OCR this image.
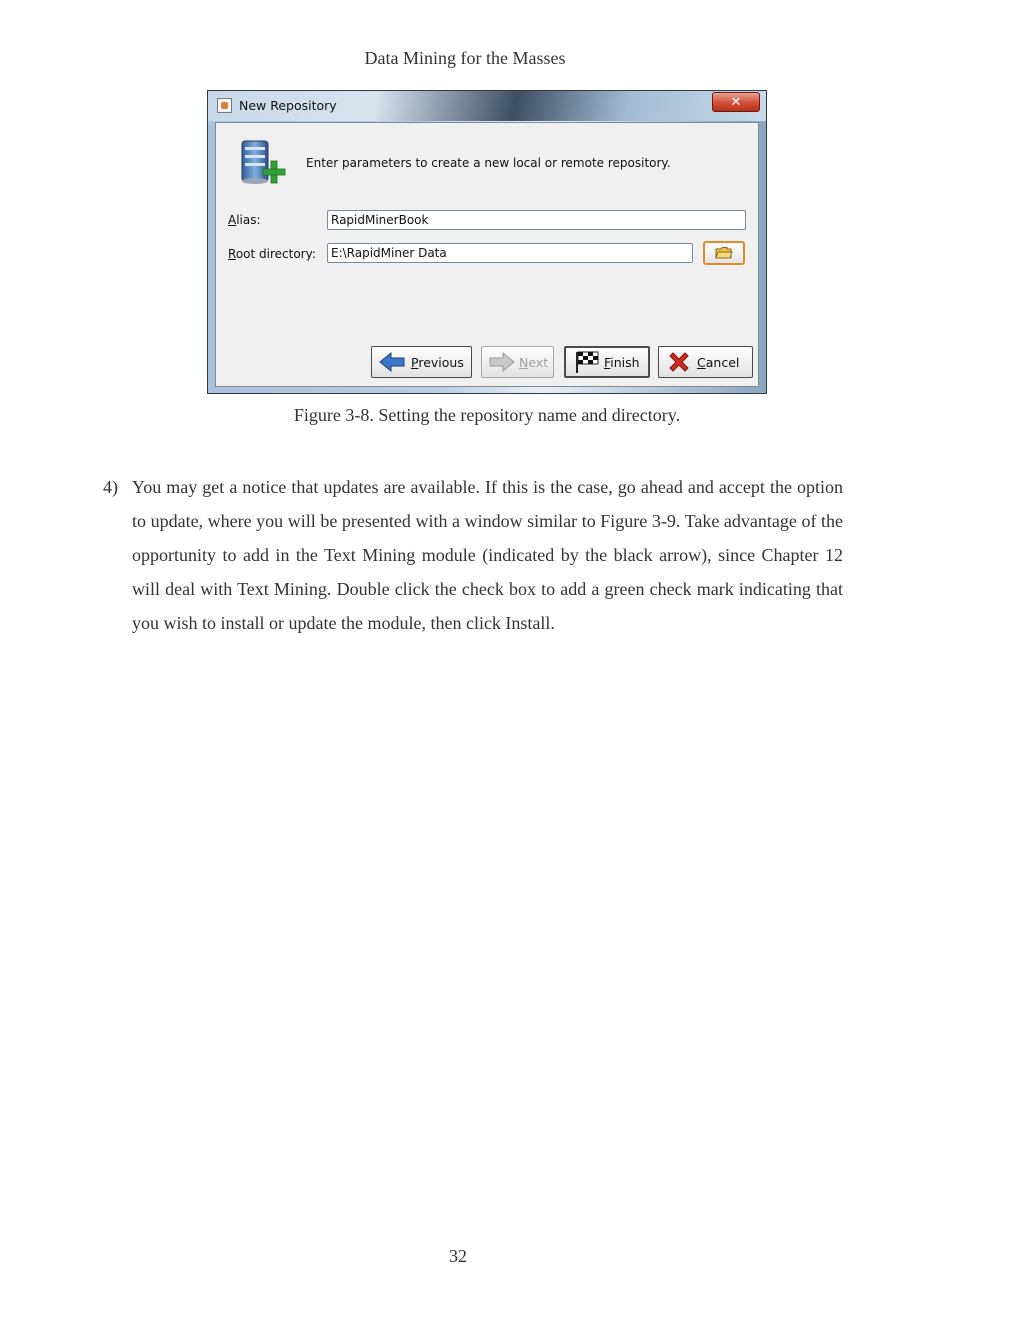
Data Mining for the Masses
New Repository	✕
Enter parameters to create a new local or remote repository.
Alias:	RapidMinerBook
Root directory:	E:\RapidMiner Data
Previous	Next	Finish	Cancel
Figure 3-8. Setting the repository name and directory.
4) You may get a notice that updates are available. If this is the case, go ahead and accept the option to update, where you will be presented with a window similar to Figure 3-9. Take advantage of the opportunity to add in the Text Mining module (indicated by the black arrow), since Chapter 12 will deal with Text Mining. Double click the check box to add a green check mark indicating that you wish to install or update the module, then click Install.
32
